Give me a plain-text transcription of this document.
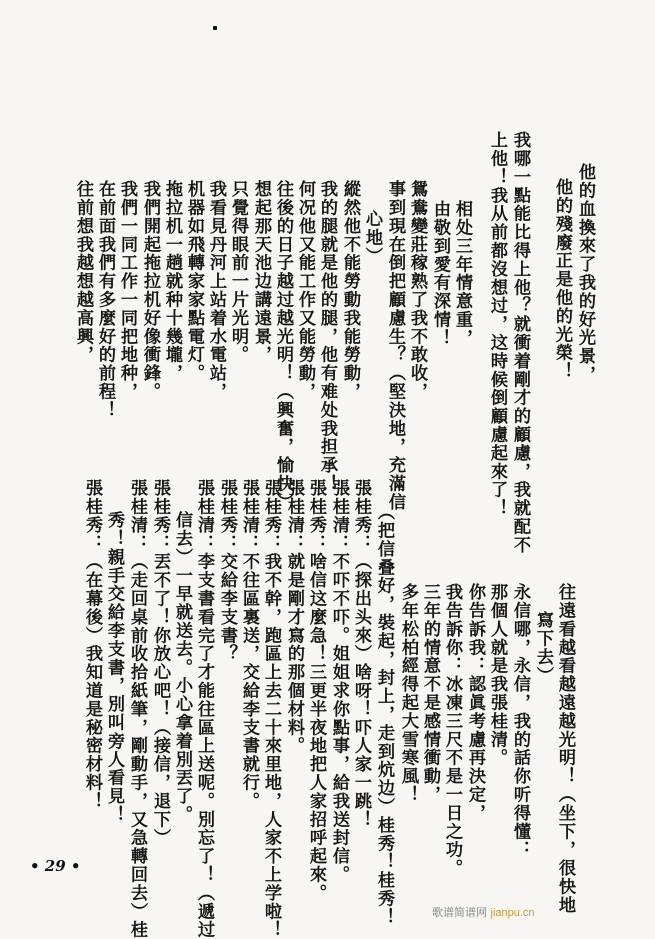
他的血換來了我的好光景，
他的殘廢正是他的光榮！
我哪一點能比得上他？就衝着剛才的顧慮，我就配不
上他！我从前都沒想过，这時候倒顧慮起來了！
相处三年情意重，
由敬到愛有深情！
鴛鴦變莊稼熟了我不敢收，
事到現在倒把顧慮生？（堅決地，充滿信
心地）
縱然他不能勞動我能勞動，
我的腿就是他的腿，他有难处我担承！
何况他又能工作又能勞動，
往後的日子越过越光明！（興奮，愉快）
想起那天池边講遠景，
只覺得眼前一片光明。
我看見丹河上站着水電站，
机器如飛轉家家點電灯。
拖拉机一趟就种十幾壠，
我們開起拖拉机好像衝鋒。
我們一同工作一同把地种，
在前面我們有多麼好的前程！
往前想我越想越高興，
往遠看越看越遠越光明！（坐下，很快地
寫下去）
永信哪，永信，我的話你听得懂：
那個人就是我張桂清。
你告訴我：認眞考慮再決定，
我告訴你：冰凍三尺不是一日之功。
三年的情意不是感情衝動，
多年松柏經得起大雪寒風！
（把信叠好，裝起，封上，走到炕边）桂秀！桂秀！
張桂秀：（探出头來）啥呀！吓人家一跳！
張桂清：不吓不吓。姐姐求你點事，給我送封信。
張桂秀：啥信这麼急！三更半夜地把人家招呼起來。
張桂清：就是剛才寫的那個材料。
張桂秀：我不幹，跑區上去二十來里地，人家不上学啦！
張桂清：不往區裏送，交給李支書就行。
張桂秀：交給李支書？
張桂清：李支書看完了才能往區上送呢。別忘了！（遞过
信去）一早就送去。小心拿着別丟了。
張桂秀：丟不了！你放心吧！（接信，退下）
張桂清：（走回桌前收拾紙筆，剛動手，又急轉回去）桂
秀！親手交給李支書，別叫旁人看見！
張桂秀：（在幕後）我知道是秘密材料！
• 29 •
歌谱简谱网 jianpu.cn
